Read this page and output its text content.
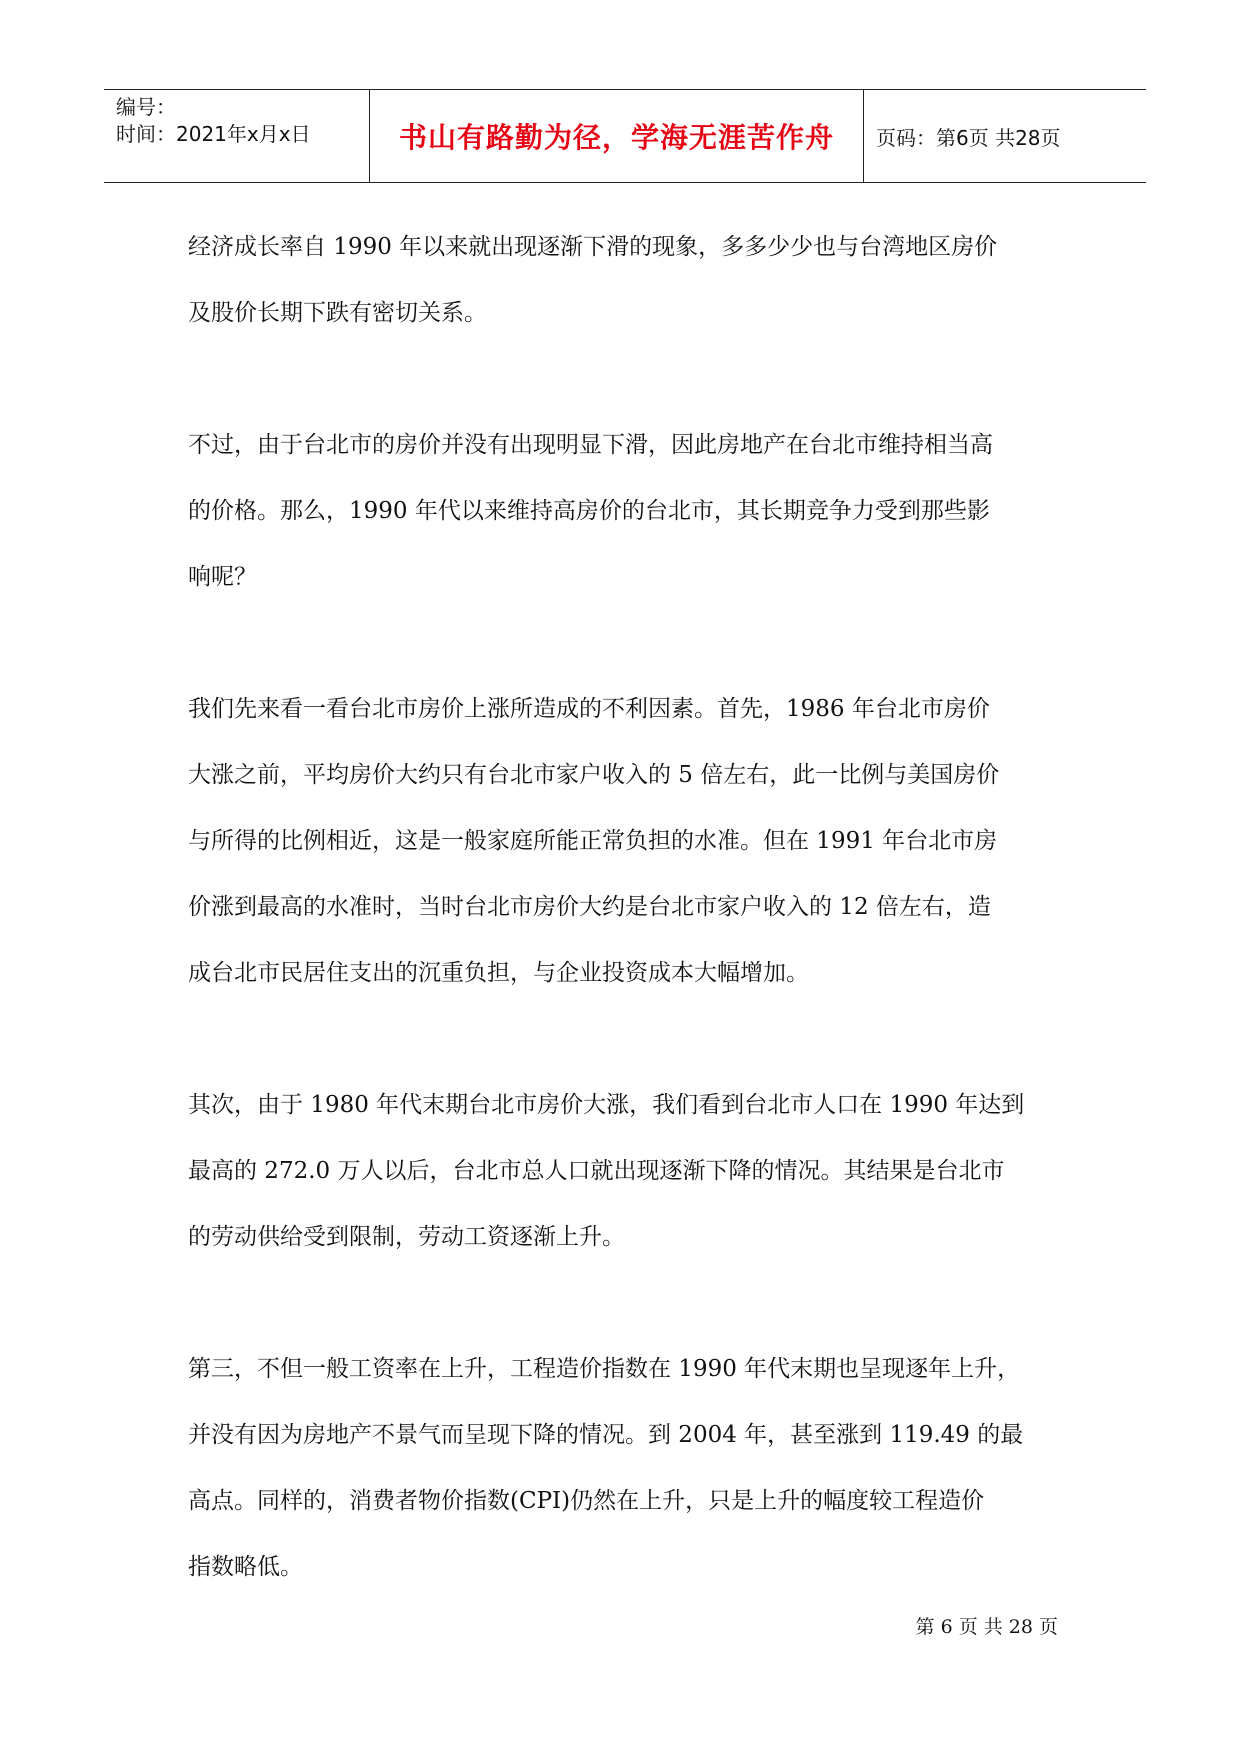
编号：
时间：2021年x月x日	书山有路勤为径，学海无涯苦作舟 页码：第6页 共28页

经济成长率自 1990 年以来就出现逐渐下滑的现象，多多少少也与台湾地区房价

及股价长期下跌有密切关系。

不过，由于台北市的房价并没有出现明显下滑，因此房地产在台北市维持相当高

的价格。那么，1990 年代以来维持高房价的台北市，其长期竞争力受到那些影

响呢？

我们先来看一看台北市房价上涨所造成的不利因素。首先，1986 年台北市房价

大涨之前，平均房价大约只有台北市家户收入的 5 倍左右，此一比例与美国房价

与所得的比例相近，这是一般家庭所能正常负担的水准。但在 1991 年台北市房

价涨到最高的水准时，当时台北市房价大约是台北市家户收入的 12 倍左右，造

成台北市民居住支出的沉重负担，与企业投资成本大幅增加。

其次，由于 1980 年代末期台北市房价大涨，我们看到台北市人口在 1990 年达到

最高的 272.0 万人以后，台北市总人口就出现逐渐下降的情况。其结果是台北市

的劳动供给受到限制，劳动工资逐渐上升。

第三，不但一般工资率在上升，工程造价指数在 1990 年代末期也呈现逐年上升，

并没有因为房地产不景气而呈现下降的情况。到 2004 年，甚至涨到 119.49 的最

高点。同样的，消费者物价指数(CPI)仍然在上升，只是上升的幅度较工程造价

指数略低。

第 6 页 共 28 页
